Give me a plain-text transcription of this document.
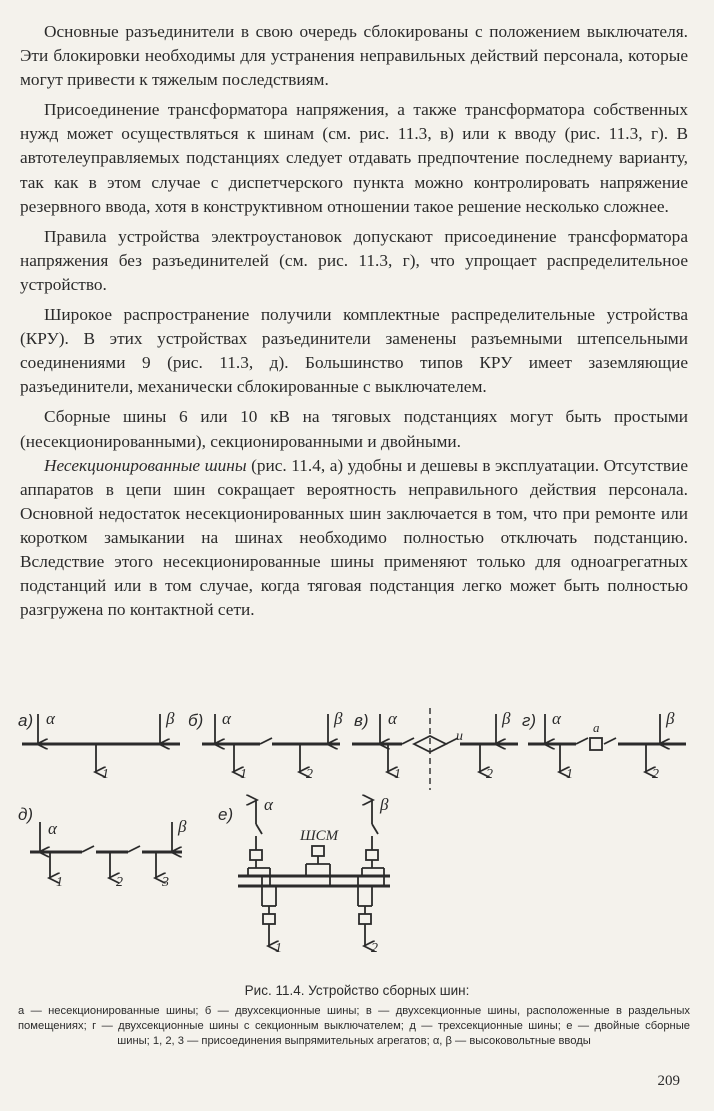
Основные разъединители в свою очередь сблокированы с положением выключателя. Эти блокировки необходимы для устранения неправильных действий персонала, которые могут привести к тяжелым последствиям.

Присоединение трансформатора напряжения, а также трансформатора собственных нужд может осуществляться к шинам (см. рис. 11.3, в) или к вводу (рис. 11.3, г). В автотелеуправляемых подстанциях следует отдавать предпочтение последнему варианту, так как в этом случае с диспетчерского пункта можно контролировать напряжение резервного ввода, хотя в конструктивном отношении такое решение несколько сложнее.

Правила устройства электроустановок допускают присоединение трансформатора напряжения без разъединителей (см. рис. 11.3, г), что упрощает распределительное устройство.

Широкое распространение получили комплектные распределительные устройства (КРУ). В этих устройствах разъединители заменены разъемными штепсельными соединениями 9 (рис. 11.3, д). Большинство типов КРУ имеет заземляющие разъединители, механически сблокированные с выключателем.

Сборные шины 6 или 10 кВ на тяговых подстанциях могут быть простыми (несекционированными), секционированными и двойными.

Несекционированные шины (рис. 11.4, а) удобны и дешевы в эксплуатации. Отсутствие аппаратов в цепи шин сокращает вероятность неправильного действия персонала. Основной недостаток несекционированных шин заключается в том, что при ремонте или коротком замыкании на шинах необходимо полностью отключать подстанцию. Вследствие этого несекционированные шины применяют только для одноагрегатных подстанций или в том случае, когда тяговая подстанция легко может быть полностью разгружена по контактной сети.

а)	б)	в)	г)
д)	е)
α	β
1
α	β
1	2
α	β
и
1	2
α	β
а
1	2
α	β
1	2	3
α	β
ШСМ
1	2
Рис. 11.4. Устройство сборных шин:
а — несекционированные шины; б — двухсекционные шины; в — двухсекционные шины, расположенные в раздельных помещениях; г — двухсекционные шины с секционным выключателем; д — трехсекционные шины; е — двойные сборные шины; 1, 2, 3 — присоединения выпрямительных агрегатов; α, β — высоковольтные вводы
209
